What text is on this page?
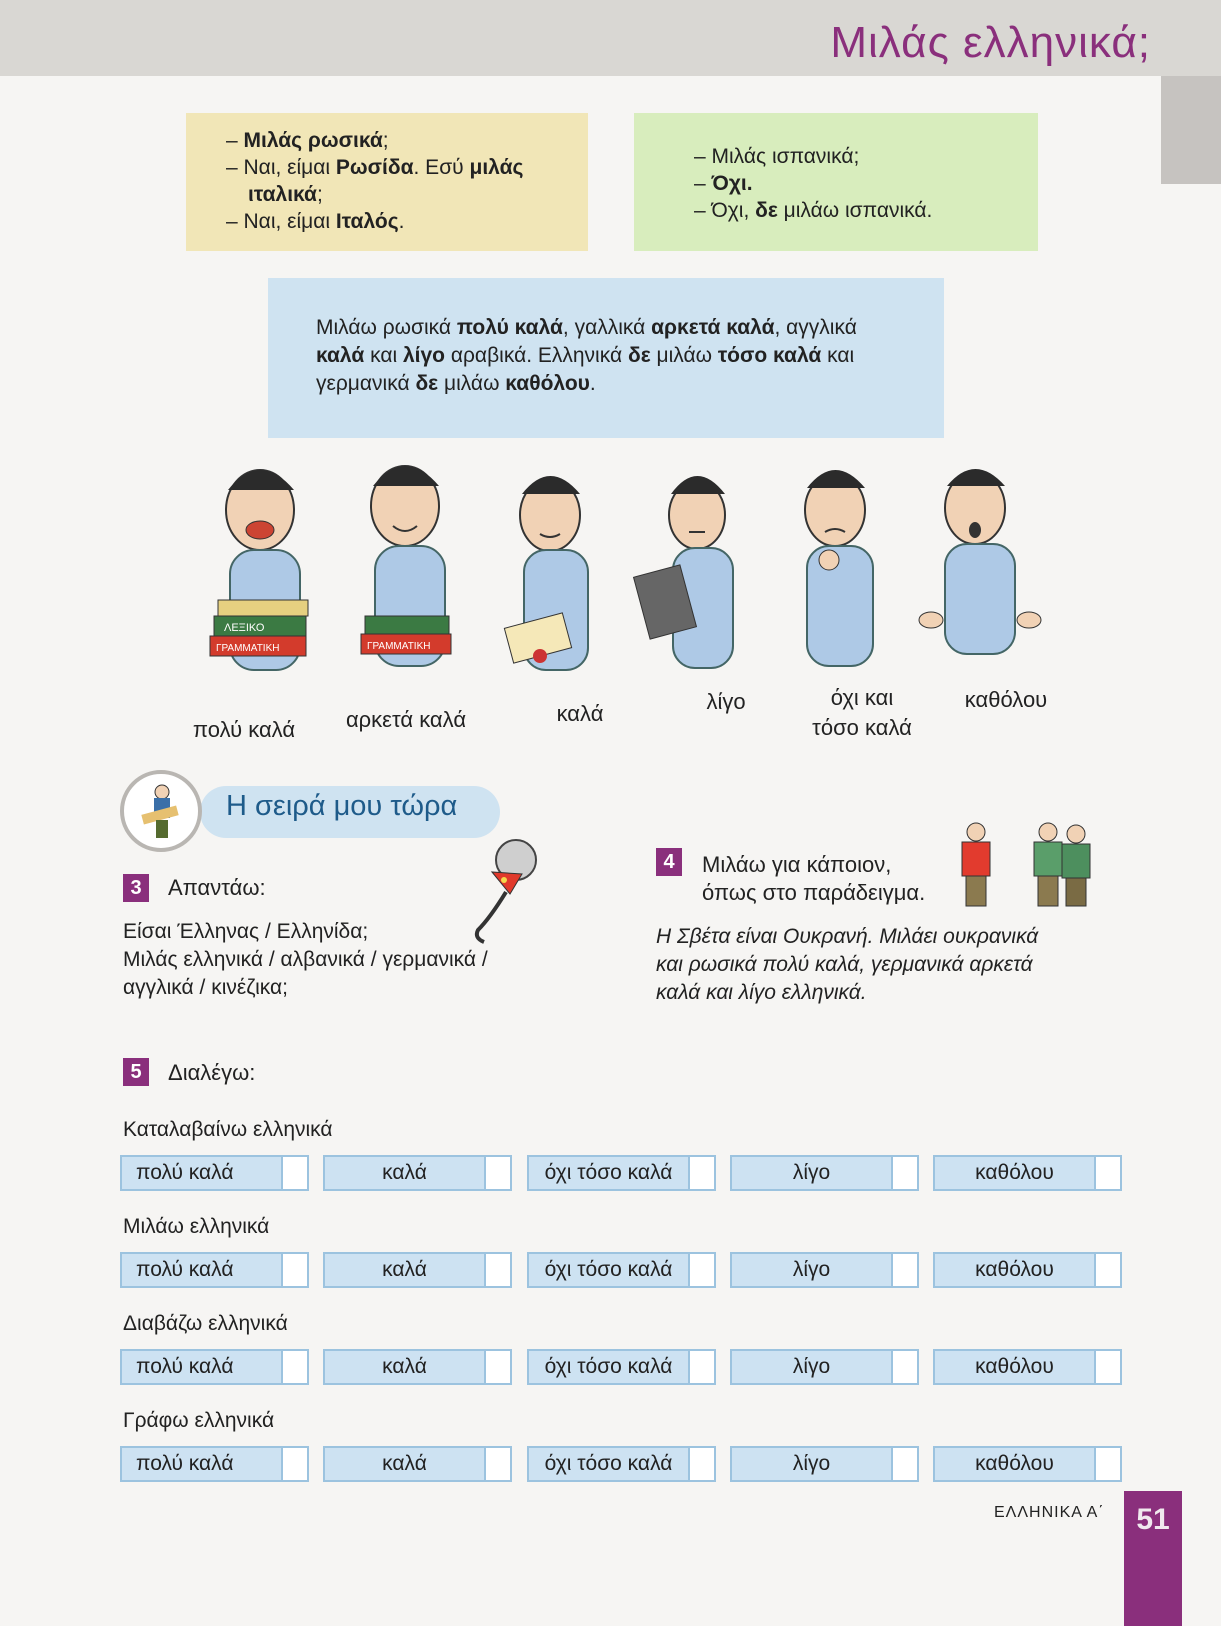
Μιλάς ελληνικά;
– Μιλάς ρωσικά;
– Ναι, είμαι Ρωσίδα. Εσύ μιλάς
ιταλικά;
– Ναι, είμαι Ιταλός.
– Μιλάς ισπανικά;
– Όχι.
– Όχι, δε μιλάω ισπανικά.
Μιλάω ρωσικά πολύ καλά, γαλλικά αρκετά καλά, αγγλικά
καλά και λίγο αραβικά. Ελληνικά δε μιλάω τόσο καλά και
γερμανικά δε μιλάω καθόλου.
ΛΕΞΙΚΟ
ΓΡΑΜΜΑΤΙΚΗ	ΓΡΑΜΜΑΤΙΚΗ
πολύ καλά	αρκετά καλά	καλά	λίγο	όχι και
τόσο καλά
καθόλου
Η σειρά μου τώρα
3	Απαντάω:
Είσαι Έλληνας / Ελληνίδα;
Μιλάς ελληνικά / αλβανικά / γερμανικά /
αγγλικά / κινέζικα;
4	Μιλάω για κάποιον,
όπως στο παράδειγμα.
Η Σβέτα είναι Ουκρανή. Μιλάει ουκρανικά
και ρωσικά πολύ καλά, γερμανικά αρκετά
καλά και λίγο ελληνικά.
5	Διαλέγω:
Καταλαβαίνω ελληνικά
πολύ καλά	καλά	όχι τόσο καλά	λίγο	καθόλου
Μιλάω ελληνικά
πολύ καλά	καλά	όχι τόσο καλά	λίγο	καθόλου
Διαβάζω ελληνικά
πολύ καλά	καλά	όχι τόσο καλά	λίγο	καθόλου
Γράφω ελληνικά
πολύ καλά	καλά	όχι τόσο καλά	λίγο	καθόλου
ΕΛΛΗΝΙΚΑ Α΄	51
